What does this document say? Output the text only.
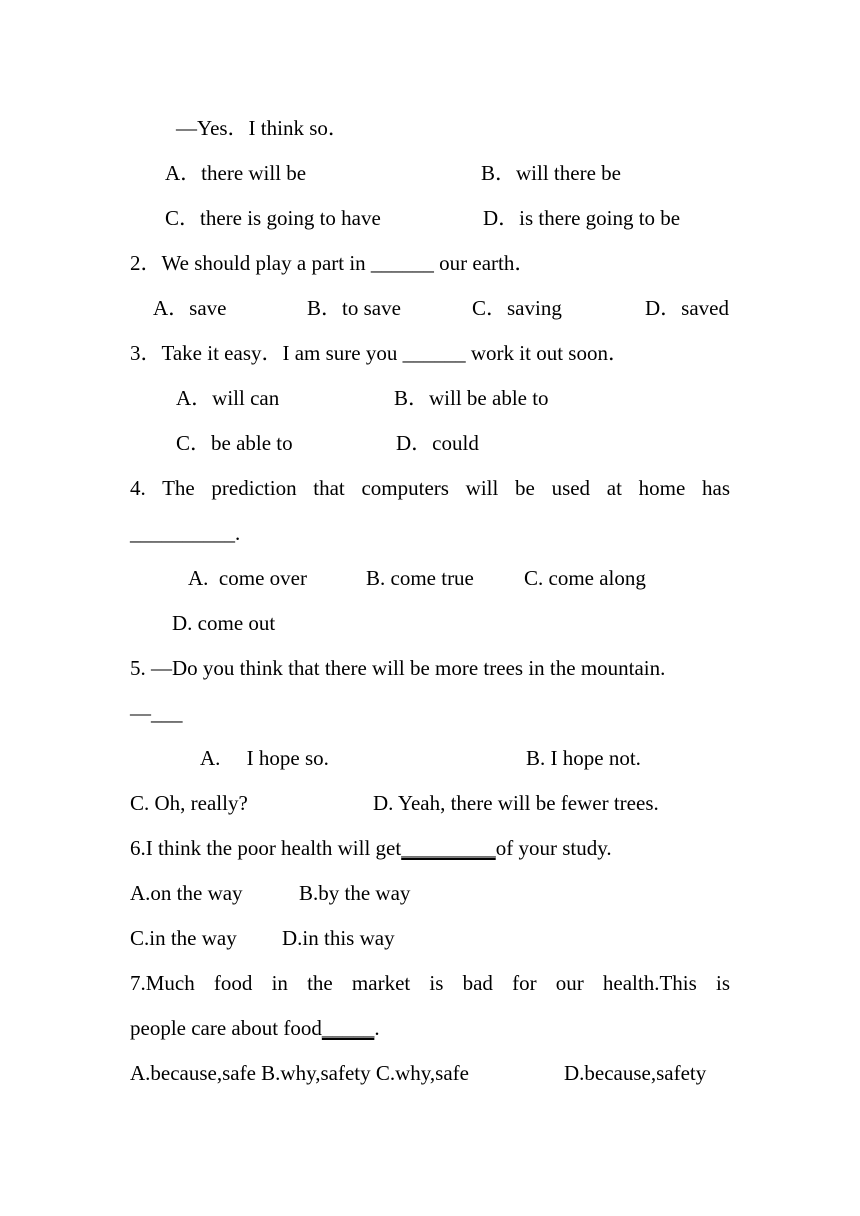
—Yes．I think so．
A．there will be	B．will there be
C．there is going to have	D．is there going to be
2．We should play a part in ______ our earth．
A．save	B．to save	C．saving	D．saved
3．Take it easy．I am sure you ______ work it out soon．
A．will can	B．will be able to
C．be able to	D．could
4. The prediction that computers will be used at home has
__________.
A.  come over	B. come true C. come along
D. come out
5. —Do you think that there will be more trees in the mountain.
—___
A.     I hope so.	B. I hope not.
C. Oh, really?	D. Yeah, there will be fewer trees.
6.I think the poor health will get_________of your study.
A.on the way	B.by the way
C.in the way D.in this way
7.Much food in the market is bad for our health.This is
people care about food_____.
A.because,safe B.why,safety C.why,safe	D.because,safety
